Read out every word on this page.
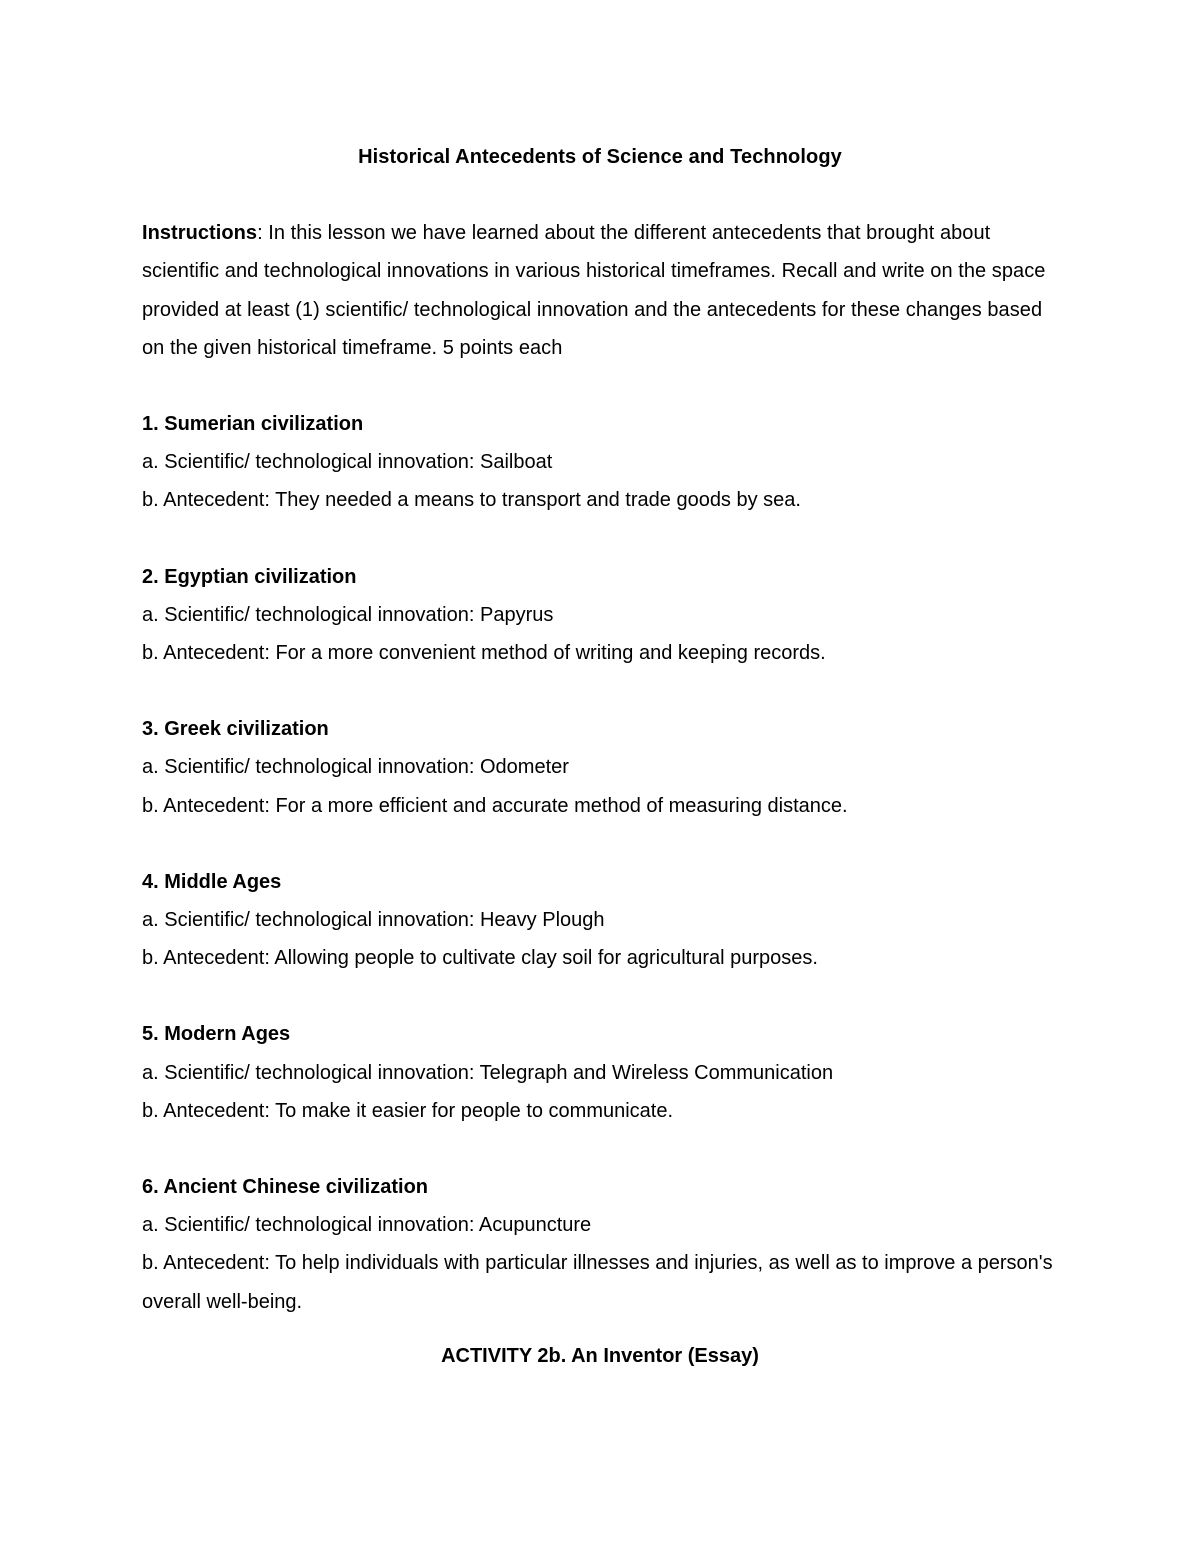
Historical Antecedents of Science and Technology

Instructions: In this lesson we have learned about the different antecedents that brought about scientific and technological innovations in various historical timeframes. Recall and write on the space provided at least (1) scientific/ technological innovation and the antecedents for these changes based on the given historical timeframe. 5 points each

1. Sumerian civilization

a. Scientific/ technological innovation: Sailboat

b. Antecedent: They needed a means to transport and trade goods by sea.

2. Egyptian civilization

a. Scientific/ technological innovation: Papyrus

b. Antecedent: For a more convenient method of writing and keeping records.

3. Greek civilization

a. Scientific/ technological innovation: Odometer

b. Antecedent: For a more efficient and accurate method of measuring distance.

4. Middle Ages

a. Scientific/ technological innovation: Heavy Plough

b. Antecedent: Allowing people to cultivate clay soil for agricultural purposes.

5. Modern Ages

a. Scientific/ technological innovation: Telegraph and Wireless Communication

b. Antecedent: To make it easier for people to communicate.

6. Ancient Chinese civilization

a. Scientific/ technological innovation: Acupuncture

b. Antecedent: To help individuals with particular illnesses and injuries, as well as to improve a person's overall well-being.

ACTIVITY 2b. An Inventor (Essay)
